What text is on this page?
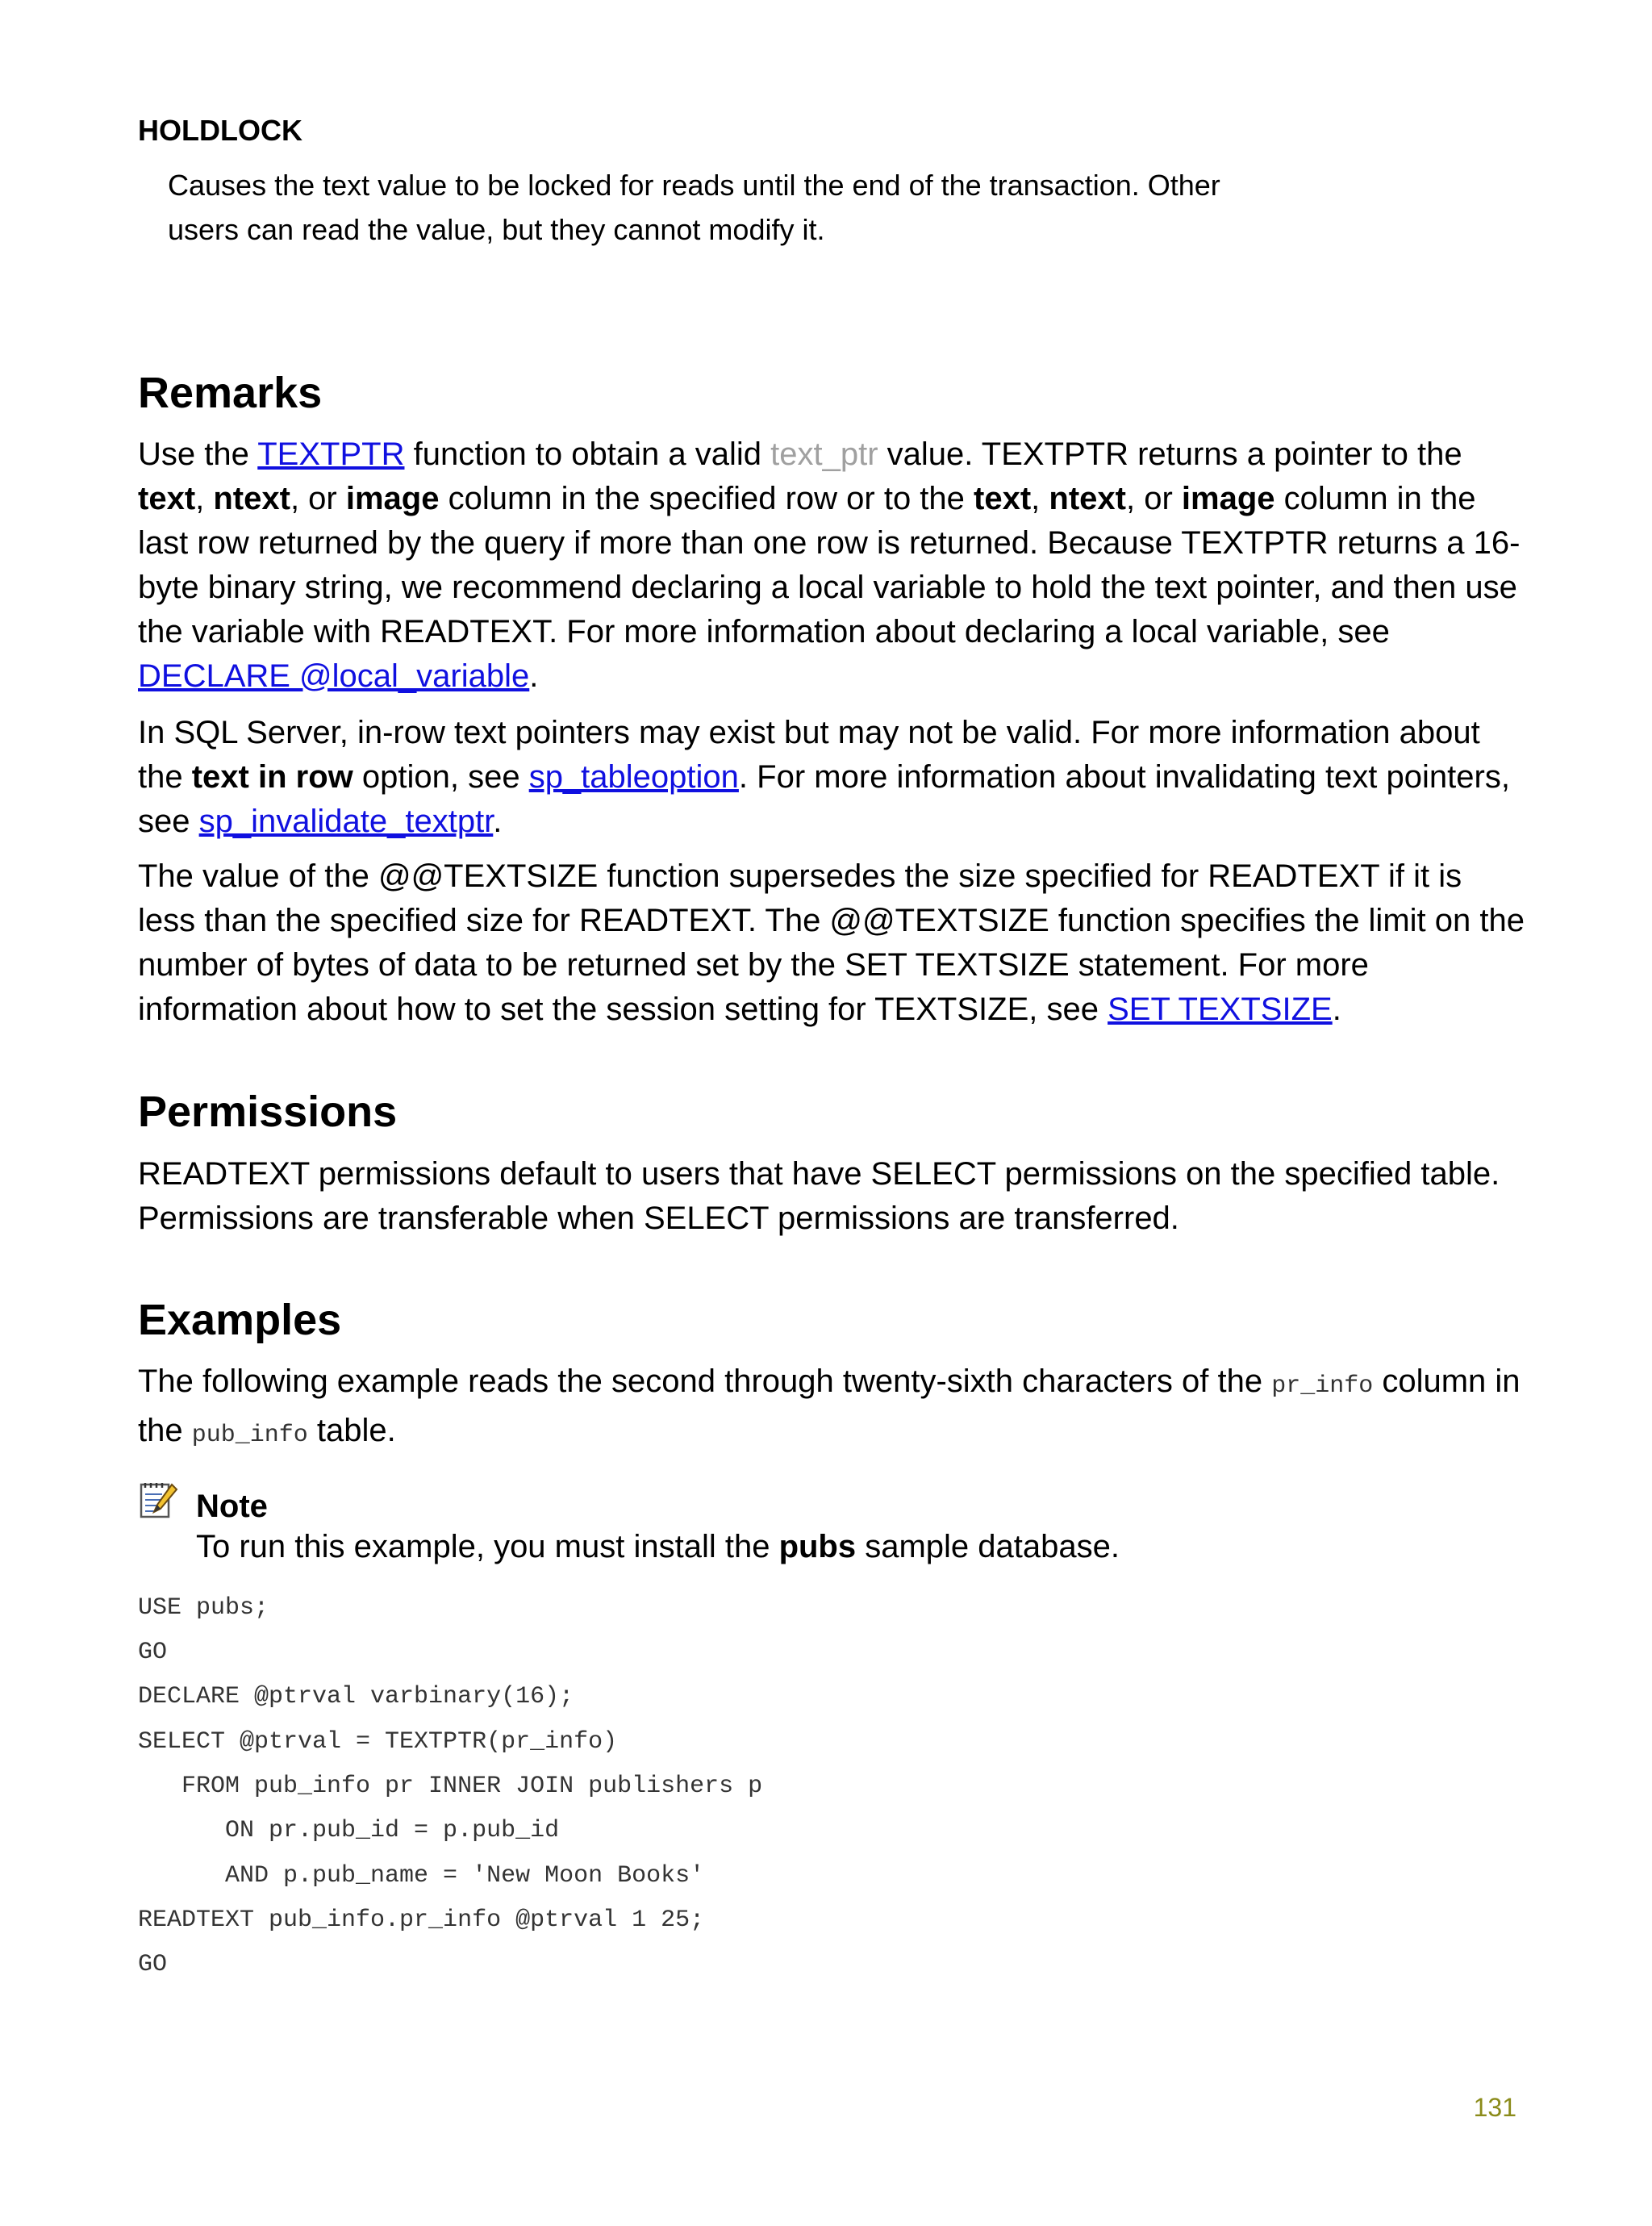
HOLDLOCK
Causes the text value to be locked for reads until the end of the transaction. Other
users can read the value, but they cannot modify it.
Remarks

Use the TEXTPTR function to obtain a valid text_ptr value. TEXTPTR returns a pointer to the text, ntext, or image column in the specified row or to the text, ntext, or image column in the last row returned by the query if more than one row is returned. Because TEXTPTR returns a 16-byte binary string, we recommend declaring a local variable to hold the text pointer, and then use the variable with READTEXT. For more information about declaring a local variable, see DECLARE @local_variable.

In SQL Server, in-row text pointers may exist but may not be valid. For more information about the text in row option, see sp_tableoption. For more information about invalidating text pointers, see sp_invalidate_textptr.

The value of the @@TEXTSIZE function supersedes the size specified for READTEXT if it is less than the specified size for READTEXT. The @@TEXTSIZE function specifies the limit on the number of bytes of data to be returned set by the SET TEXTSIZE statement. For more information about how to set the session setting for TEXTSIZE, see SET TEXTSIZE.

Permissions

READTEXT permissions default to users that have SELECT permissions on the specified table. Permissions are transferable when SELECT permissions are transferred.

Examples

The following example reads the second through twenty-sixth characters of the pr_info column in the pub_info table.

Note
To run this example, you must install the pubs sample database.
USE pubs;
GO
DECLARE @ptrval varbinary(16);
SELECT @ptrval = TEXTPTR(pr_info)
FROM pub_info pr INNER JOIN publishers p
ON pr.pub_id = p.pub_id
AND p.pub_name = 'New Moon Books'
READTEXT pub_info.pr_info @ptrval 1 25;
GO
131
